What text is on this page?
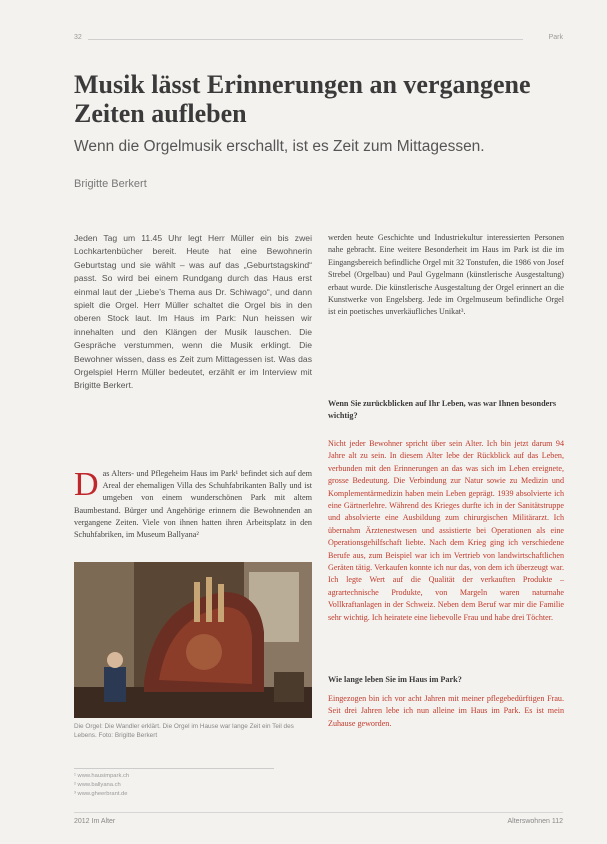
32	Park
Musik lässt Erinnerungen an vergangene Zeiten aufleben
Wenn die Orgelmusik erschallt, ist es Zeit zum Mittagessen.
Brigitte Berkert
Jeden Tag um 11.45 Uhr legt Herr Müller ein bis zwei Lochkartenbücher bereit. Heute hat eine Bewohnerin Geburtstag und sie wählt – was auf das „Geburtstagskind“ passt. So wird bei einem Rundgang durch das Haus erst einmal laut der „Liebe’s Thema aus Dr. Schiwago“, und dann spielt die Orgel. Herr Müller schaltet die Orgel bis in den oberen Stock laut. Im Haus im Park: Nun heissen wir innehalten und den Klängen der Musik lauschen. Die Gespräche verstummen, wenn die Musik erklingt. Die Bewohner wissen, dass es Zeit zum Mittagessen ist. Was das Orgelspiel Herrn Müller bedeutet, erzählt er im Interview mit Brigitte Berkert.
Das Alters- und Pflegeheim Haus im Park¹ befindet sich auf dem Areal der ehemaligen Villa des Schuhfabrikanten Bally und ist umgeben von einem wunderschönen Park mit altem Baumbestand. Bürger und Angehörige erinnern die Bewohnenden an vergangene Zeiten. Viele von ihnen hatten ihren Arbeitsplatz in den Schuhfabriken, im Museum Ballyana²
Die Orgel: Die Wandler erklärt. Die Orgel im Hause war lange Zeit ein Teil des Lebens. Foto: Brigitte Berkert
¹ www.hausimpark.ch
² www.ballyana.ch
³ www.gheerbrant.de
werden heute Geschichte und Industriekultur interessierten Personen nahe gebracht. Eine weitere Besonderheit im Haus im Park ist die im Eingangsbereich befindliche Orgel mit 32 Tonstufen, die 1986 von Josef Strebel (Orgelbau) und Paul Gygelmann (künstlerische Ausgestaltung) erbaut wurde. Die künstlerische Ausgestaltung der Orgel erinnert an die Kunstwerke von Engelsberg. Jede im Orgelmuseum befindliche Orgel ist ein poetisches unverkäufliches Unikat³.
Wenn Sie zurückblicken auf Ihr Leben, was war Ihnen besonders wichtig?
Nicht jeder Bewohner spricht über sein Alter. Ich bin jetzt darum 94 Jahre alt zu sein. In diesem Alter lebe der Rückblick auf das Leben, verbunden mit den Erinnerungen an das was sich im Leben ereignete, grosse Bedeutung. Die Verbindung zur Natur sowie zu Medizin und Komplementärmedizin haben mein Leben geprägt. 1939 absolvierte ich eine Gärtnerlehre. Während des Krieges durfte ich in der Sanitätstruppe und absolvierte eine Ausbildung zum chirurgischen Militärarzt. Ich übernahm Ärztenestwesen und assistierte bei Operationen als eine Operationsgehilfschaft liebte. Nach dem Krieg ging ich verschiedene Berufe aus, zum Beispiel war ich im Vertrieb von landwirtschaftlichen Geräten tätig. Verkaufen konnte ich nur das, von dem ich überzeugt war. Ich legte Wert auf die Qualität der verkauften Produkte – agrartechnische Produkte, von Margeln waren naturnahe Vollkraftanlagen in der Schweiz. Neben dem Beruf war mir die Familie sehr wichtig. Ich heiratete eine liebevolle Frau und habe drei Töchter.
Wie lange leben Sie im Haus im Park?
Eingezogen bin ich vor acht Jahren mit meiner pflegebedürftigen Frau. Seit drei Jahren lebe ich nun alleine im Haus im Park. Es ist mein Zuhause geworden.
2012 Im Alter	Alterswohnen 112
